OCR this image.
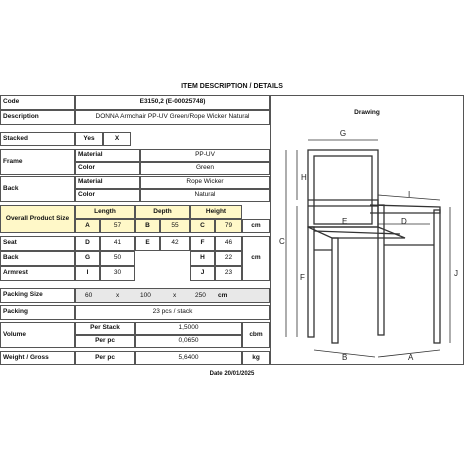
ITEM DESCRIPTION / DETAILS
Code	E3150,2 (E-00025748)
Description	DONNA Armchair PP-UV Green/Rope Wicker Natural
Stacked	Yes	X
Frame
Material	PP-UV
Color	Green
Back
Material	Rope Wicker
Color	Natural
Overall Product Size
Length	Depth	Height
A	57	B	55	C	79	cm
Seat	D	41	E	42	F	46
Back	G	50	H	22	cm
Armrest	I	30	J	23
Packing Size	60	x	100	x	250 cm
Packing	23 pcs / stack
Volume
Per Stack	1,5000
Per pc	0,0650
cbm
Weight / Gross	Per pc	5,6400	kg
Drawing
G
H
I
C
E	D
J
F
B	A
Date 20/01/2025
